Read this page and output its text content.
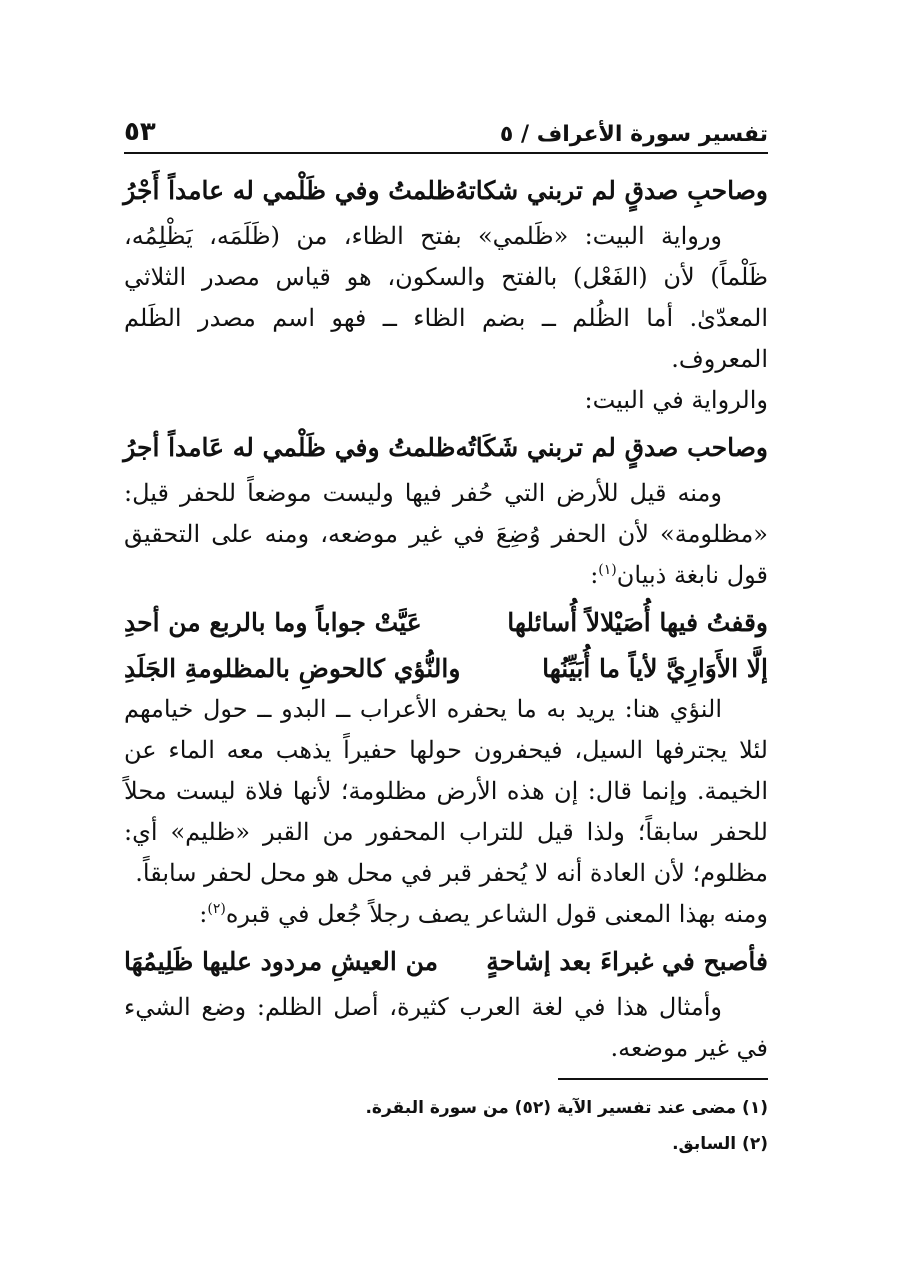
تفسير سورة الأعراف / ٥
٥٣
وصاحبِ صدقٍ لم تربني شكاتهُ
ظلمتُ وفي ظَلْمي له عامداً أَجْرُ

ورواية البيت: «ظَلمي» بفتح الظاء، من (ظَلَمَه، يَظْلِمُه، ظَلْماً) لأن (الفَعْل) بالفتح والسكون، هو قياس مصدر الثلاثي المعدّىٰ. أما الظُلم ــ بضم الظاء ــ فهو اسم مصدر الظَلم المعروف.

والرواية في البيت:

وصاحب صدقٍ لم تربني شَكَاتُه
ظلمتُ وفي ظَلْمي له عَامداً أجرُ

ومنه قيل للأرض التي حُفر فيها وليست موضعاً للحفر قيل: «مظلومة» لأن الحفر وُضِعَ في غير موضعه، ومنه على التحقيق قول نابغة ذبيان$^{(١)}$:

وقفتُ فيها أُصَيْلالاً أُسائلها
عَيَّتْ جواباً وما بالربع من أحدِ
إلَّا الأَوَارِيَّ لأياً ما أُبَيِّنُها
والنُّؤي كالحوضِ بالمظلومةِ الجَلَدِ

النؤي هنا: يريد به ما يحفره الأعراب ــ البدو ــ حول خيامهم لئلا يجترفها السيل، فيحفرون حولها حفيراً يذهب معه الماء عن الخيمة. وإنما قال: إن هذه الأرض مظلومة؛ لأنها فلاة ليست محلاً للحفر سابقاً؛ ولذا قيل للتراب المحفور من القبر «ظليم» أي: مظلوم؛ لأن العادة أنه لا يُحفر قبر في محل هو محل لحفر سابقاً.

ومنه بهذا المعنى قول الشاعر يصف رجلاً جُعل في قبره$^{(٢)}$:

فأصبح في غبراءَ بعد إشاحةٍ
من العيشِ مردود عليها ظَلِيمُهَا

وأمثال هذا في لغة العرب كثيرة، أصل الظلم: وضع الشيء في غير موضعه.

(١) مضى عند تفسير الآية (٥٢) من سورة البقرة.
(٢) السابق.
